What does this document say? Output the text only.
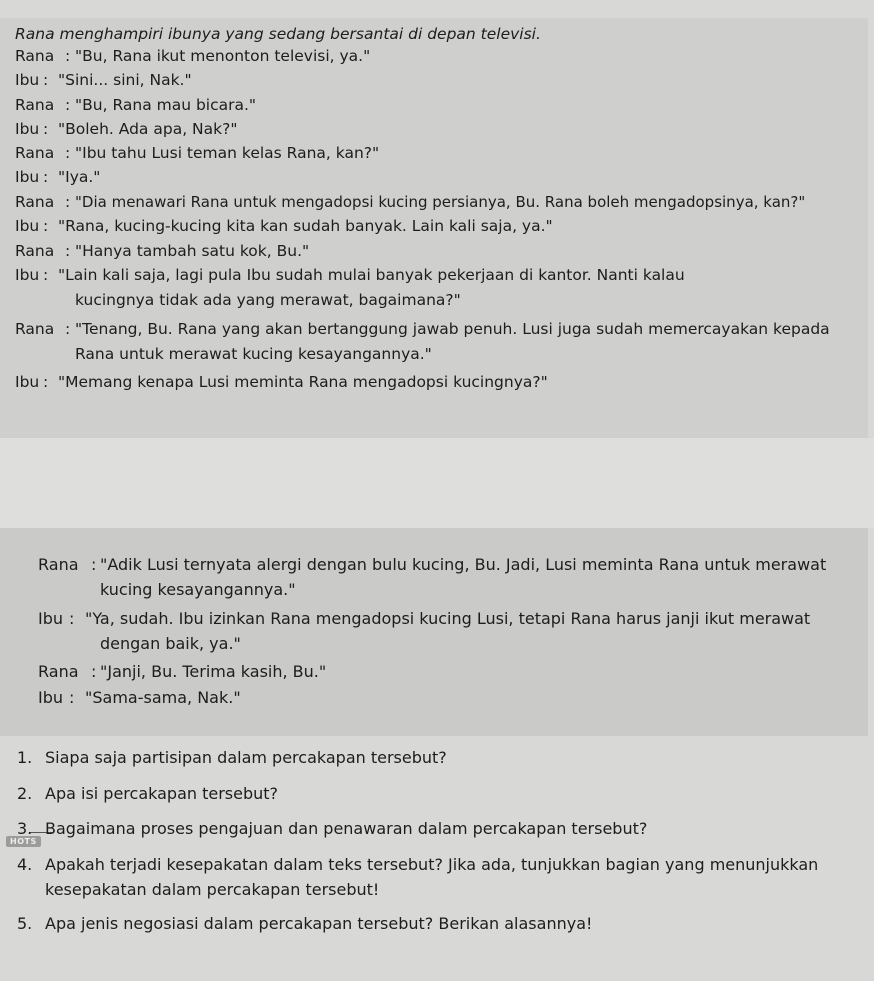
Rana menghampiri ibunya yang sedang bersantai di depan televisi.
Rana : "Bu, Rana ikut menonton televisi, ya."
Ibu : "Sini... sini, Nak."
Rana : "Bu, Rana mau bicara."
Ibu : "Boleh. Ada apa, Nak?"
Rana : "Ibu tahu Lusi teman kelas Rana, kan?"
Ibu : "Iya."
Rana : "Dia menawari Rana untuk mengadopsi kucing persianya, Bu. Rana boleh mengadopsinya, kan?"
Ibu : "Rana, kucing-kucing kita kan sudah banyak. Lain kali saja, ya."
Rana : "Hanya tambah satu kok, Bu."
Ibu : "Lain kali saja, lagi pula Ibu sudah mulai banyak pekerjaan di kantor. Nanti kalau
kucingnya tidak ada yang merawat, bagaimana?"
Rana : "Tenang, Bu. Rana yang akan bertanggung jawab penuh. Lusi juga sudah memercayakan kepada
Rana untuk merawat kucing kesayangannya."
Ibu : "Memang kenapa Lusi meminta Rana mengadopsi kucingnya?"
Rana : "Adik Lusi ternyata alergi dengan bulu kucing, Bu. Jadi, Lusi meminta Rana untuk merawat
kucing kesayangannya."
Ibu : "Ya, sudah. Ibu izinkan Rana mengadopsi kucing Lusi, tetapi Rana harus janji ikut merawat
dengan baik, ya."
Rana : "Janji, Bu. Terima kasih, Bu."
Ibu : "Sama-sama, Nak."
HOTS
1. Siapa saja partisipan dalam percakapan tersebut?
2. Apa isi percakapan tersebut?
3. Bagaimana proses pengajuan dan penawaran dalam percakapan tersebut?
4. Apakah terjadi kesepakatan dalam teks tersebut? Jika ada, tunjukkan bagian yang menunjukkan
kesepakatan dalam percakapan tersebut!
5. Apa jenis negosiasi dalam percakapan tersebut? Berikan alasannya!
